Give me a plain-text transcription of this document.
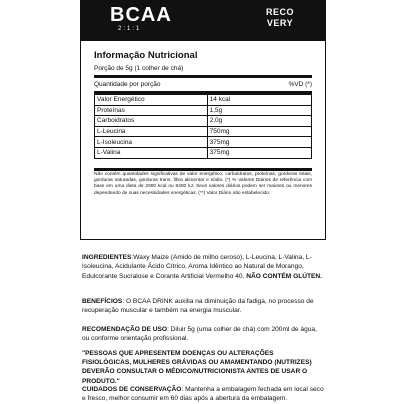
BCAA
2:1:1
RECO
VERY
Informação Nutricional
Porção de 5g (1 colher de chá)
Quantidade por porção	%VD (*)
Valor Energético	14 kcal
Proteínas	1,5g
Carboidratos	2,0g
L-Leucina	750mg
L-Isoleucina	375mg
L-Valina	375mg
Não contém quantidades significativas de valor energético, carboidratos, proteínas, gorduras totais, gorduras saturadas, gorduras trans, fibra alimentar e sódio. (*) % Valores Diários de referência com base em uma dieta de 2000 kcal ou 8400 kJ. Seus valores diários podem ser maiores ou menores dependendo de suas necessidades energéticas. (**) Valor Diário não estabelecido.
INGREDIENTES:Waxy Maize (Amido de milho ceroso), L-Leucina, L-Valina, L-Isoleucina, Acidulante Ácido Cítrico, Aroma Idêntico ao Natural de Morango, Edulcorante Sucralose e Corante Artificial Vermelho 40. NÃO CONTÉM GLÚTEN.
BENEFÍCIOS: O BCAA DRINK auxilia na diminuição da fadiga, no processo de recuperação muscular e também na energia muscular.
RECOMENDAÇÃO DE USO: Diluir 5g (uma colher de chá) com 200ml de água, ou conforme orientação profissional.
"PESSOAS QUE APRESENTEM DOENÇAS OU ALTERAÇÕES FISIOLÓGICAS, MULHERES GRÁVIDAS OU AMAMENTANDO (NUTRIZES) DEVERÃO CONSULTAR O MÉDICO/NUTRICIONISTA ANTES DE USAR O PRODUTO."
CUIDADOS DE CONSERVAÇÃO: Mantenha a embalagem fechada em local seco e fresco, melhor consumir em 60 dias após a abertura da embalagem.
